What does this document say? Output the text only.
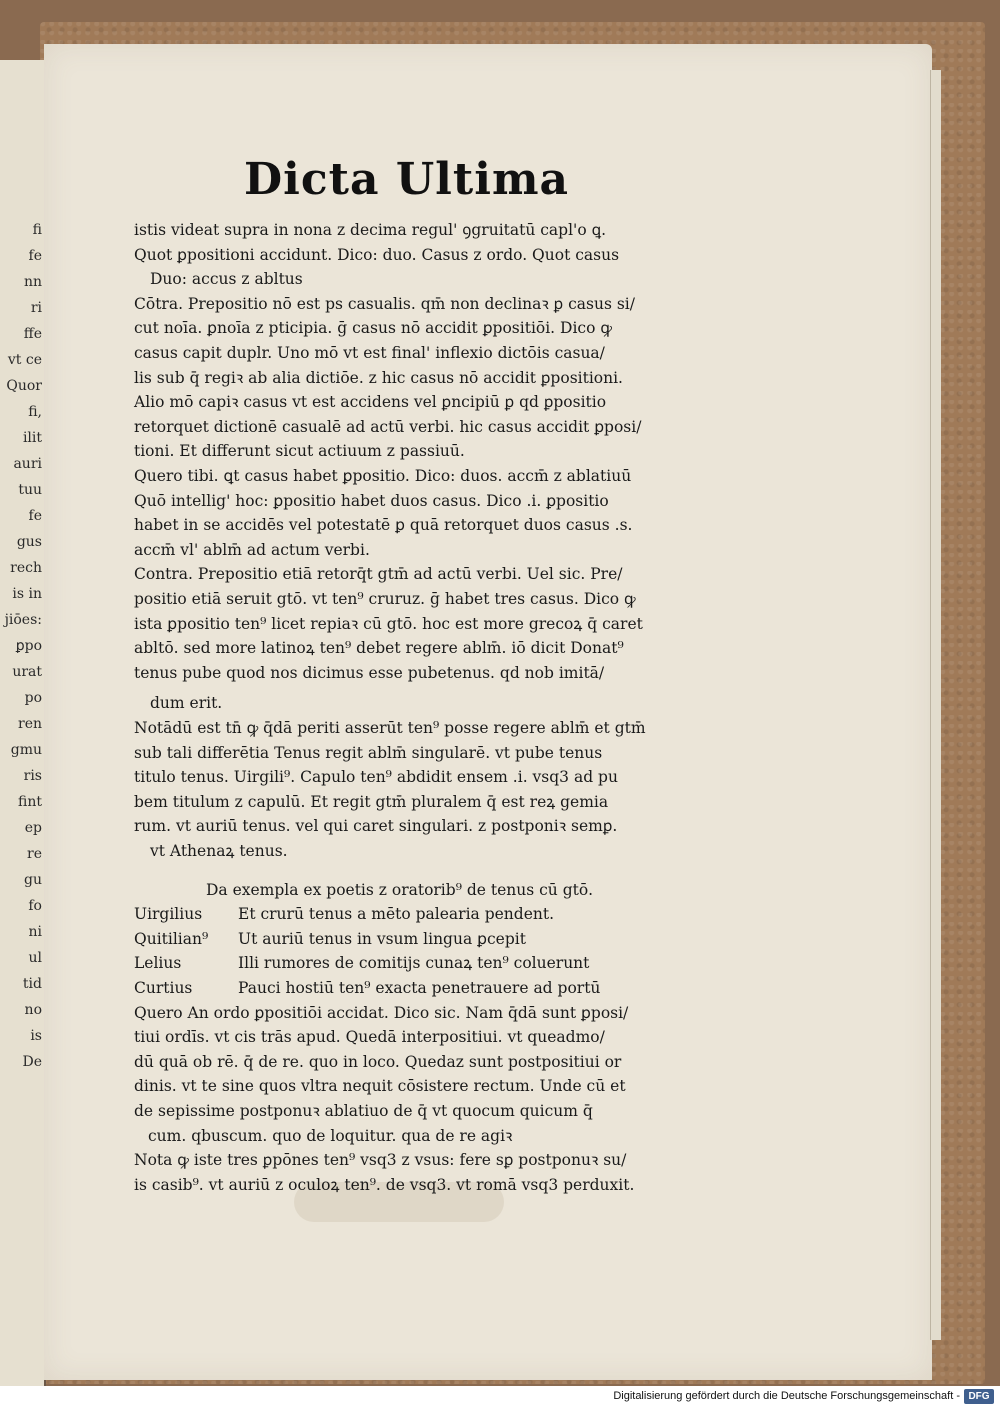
fi
fe
nn
ri
ffe
vt ce
Quor
fi,
ilit
auri
tuu
fe
gus
rech
is in
jiōes:
ꝑpo
urat
po
ren
gmu
ris
fint
ep
re
gu
fo
ni
ul
tid
no
is
De
Dicta Ultima
istis videat supra in nona z decima regul' ꝯgruitatū capl'o ꝗ.
Quot ꝑpositioni accidunt. Dico: duo. Casus z ordo. Quot casus
Duo: accus z abltus
Cōtra. Prepositio nō est ps casualis. qm̄ non declinaꝛ ꝑ casus si/
cut noīa. ꝑnoīa z pticipia. ḡ casus nō accidit ꝑpositiōi. Dico ꝙ
casus capit duplr. Uno mō vt est final' inflexio dictōis casua/
lis sub q̄ regiꝛ ab alia dictiōe. z hic casus nō accidit ꝑpositioni.
Alio mō capiꝛ casus vt est accidens vel ꝑncipiū ꝑ qd ꝑpositio
retorquet dictionē casualē ad actū verbi. hic casus accidit ꝑposi/
tioni. Et differunt sicut actiuum z passiuū.
Quero tibi. ꝗt casus habet ꝑpositio. Dico: duos. accm̄ z ablatiuū
Quō intellig' hoc: ꝑpositio habet duos casus. Dico .i. ꝑpositio
habet in se accidēs vel potestatē ꝑ quā retorquet duos casus .s.
accm̄ vl' ablm̄ ad actum verbi.
Contra. Prepositio etiā retorq̄t gtm̄ ad actū verbi. Uel sic. Pre/
positio etiā seruit gtō. vt ten⁹ cruruz. ḡ habet tres casus. Dico ꝙ
ista ꝑpositio ten⁹ licet repiaꝛ cū gtō. hoc est more grecoꝝ q̄ caret
abltō. sed more latinoꝝ ten⁹ debet regere ablm̄. iō dicit Donat⁹
tenus pube quod nos dicimus esse pubetenus. qd nob imitā/
dum erit.
Notādū est tn̄ ꝙ q̄dā periti asserūt ten⁹ posse regere ablm̄ et gtm̄
sub tali differētia Tenus regit ablm̄ singularē. vt pube tenus
titulo tenus. Uirgili⁹. Capulo ten⁹ abdidit ensem .i. vsq3 ad pu
bem titulum z capulū. Et regit gtm̄ pluralem q̄ est reꝝ gemia
rum. vt auriū tenus. vel qui caret singulari. z postponiꝛ semꝑ.
vt Athenaꝝ tenus.
Da exempla ex poetis z oratorib⁹ de tenus cū gtō.
Uirgilius Et crurū tenus a mēto palearia pendent.
Quitilian⁹ Ut auriū tenus in vsum lingua ꝑcepit
Lelius	Illi rumores de comitijs cunaꝝ ten⁹ coluerunt
Curtius	Pauci hostiū ten⁹ exacta penetrauere ad portū
Quero An ordo ꝑpositiōi accidat. Dico sic. Nam q̄dā sunt ꝑposi/
tiui ordīs. vt cis trās apud. Quedā interpositiui. vt queadmo/
dū quā ob rē. q̄ de re. quo in loco. Quedaz sunt postpositiui or
dinis. vt te sine quos vltra nequit cōsistere rectum. Unde cū et
de sepissime postponuꝛ ablatiuo de q̄ vt quocum quicum q̄
cum. qbuscum. quo de loquitur. qua de re agiꝛ
Nota ꝙ iste tres ꝑpōnes ten⁹ vsq3 z vsus: fere sꝑ postponuꝛ su/
is casib⁹. vt auriū z oculoꝝ ten⁹. de vsq3. vt romā vsq3 perduxit.
Digitalisierung gefördert durch die Deutsche Forschungsgemeinschaft - DFG
